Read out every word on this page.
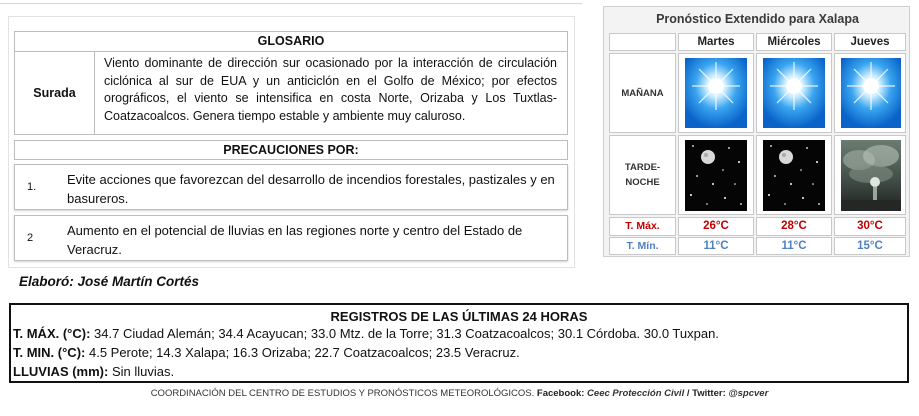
GLOSARIO
Surada
Viento dominante de dirección sur ocasionado por la interacción de circulación ciclónica al sur de EUA y un anticiclón en el Golfo de México; por efectos orográficos, el viento se intensifica en costa Norte, Orizaba y Los Tuxtlas-Coatzacoalcos. Genera tiempo estable y ambiente muy caluroso.
PRECAUCIONES POR:
1.	Evite acciones que favorezcan del desarrollo de incendios forestales, pastizales y en basureros.
2	Aumento en el potencial de lluvias en las regiones norte y centro del Estado de Veracruz.
Elaboró: José Martín Cortés
Pronóstico Extendido para Xalapa
Martes	Miércoles	Jueves
MAÑANA
TARDE-
NOCHE
T. Máx.	26°C	28°C	30°C
T. Mín.	11°C	11°C	15°C
REGISTROS DE LAS ÚLTIMAS 24 HORAS
T. MÁX. (°C): 34.7 Ciudad Alemán; 34.4 Acayucan; 33.0 Mtz. de la Torre; 31.3 Coatzacoalcos; 30.1 Córdoba. 30.0 Tuxpan.
T. MIN. (°C): 4.5 Perote; 14.3 Xalapa; 16.3 Orizaba; 22.7 Coatzacoalcos; 23.5 Veracruz.
LLUVIAS (mm): Sin lluvias.
COORDINACIÓN DEL CENTRO DE ESTUDIOS Y PRONÓSTICOS METEOROLÓGICOS. Facebook: Ceec Protección Civil / Twitter: @spcver
